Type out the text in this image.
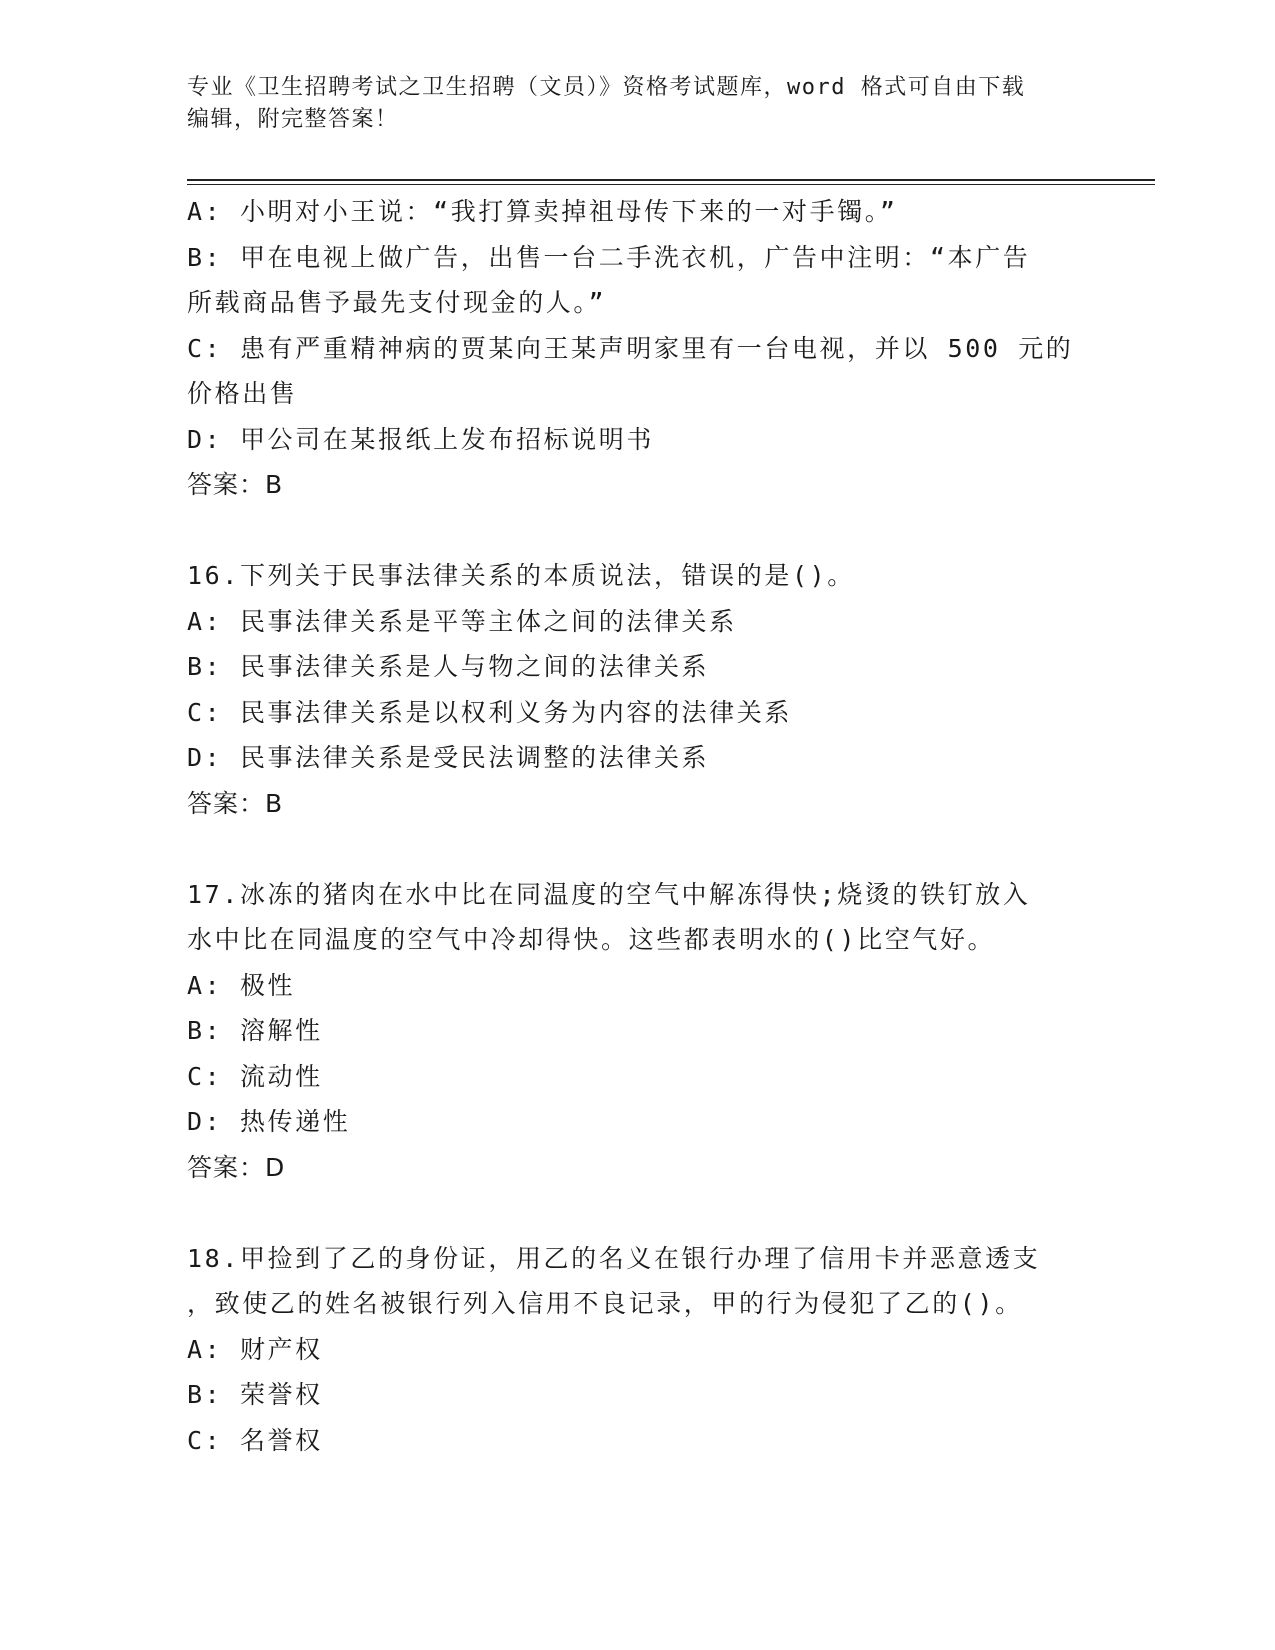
专业《卫生招聘考试之卫生招聘（文员）》资格考试题库，word 格式可自由下载
编辑，附完整答案！
A: 小明对小王说：“我打算卖掉祖母传下来的一对手镯。”
B: 甲在电视上做广告，出售一台二手洗衣机，广告中注明：“本广告
所载商品售予最先支付现金的人。”
C: 患有严重精神病的贾某向王某声明家里有一台电视，并以 500 元的
价格出售
D: 甲公司在某报纸上发布招标说明书
答案：B
16.下列关于民事法律关系的本质说法，错误的是()。
A: 民事法律关系是平等主体之间的法律关系
B: 民事法律关系是人与物之间的法律关系
C: 民事法律关系是以权利义务为内容的法律关系
D: 民事法律关系是受民法调整的法律关系
答案：B
17.冰冻的猪肉在水中比在同温度的空气中解冻得快;烧烫的铁钉放入
水中比在同温度的空气中冷却得快。这些都表明水的()比空气好。
A: 极性
B: 溶解性
C: 流动性
D: 热传递性
答案：D
18.甲捡到了乙的身份证，用乙的名义在银行办理了信用卡并恶意透支
，致使乙的姓名被银行列入信用不良记录，甲的行为侵犯了乙的()。
A: 财产权
B: 荣誉权
C: 名誉权
